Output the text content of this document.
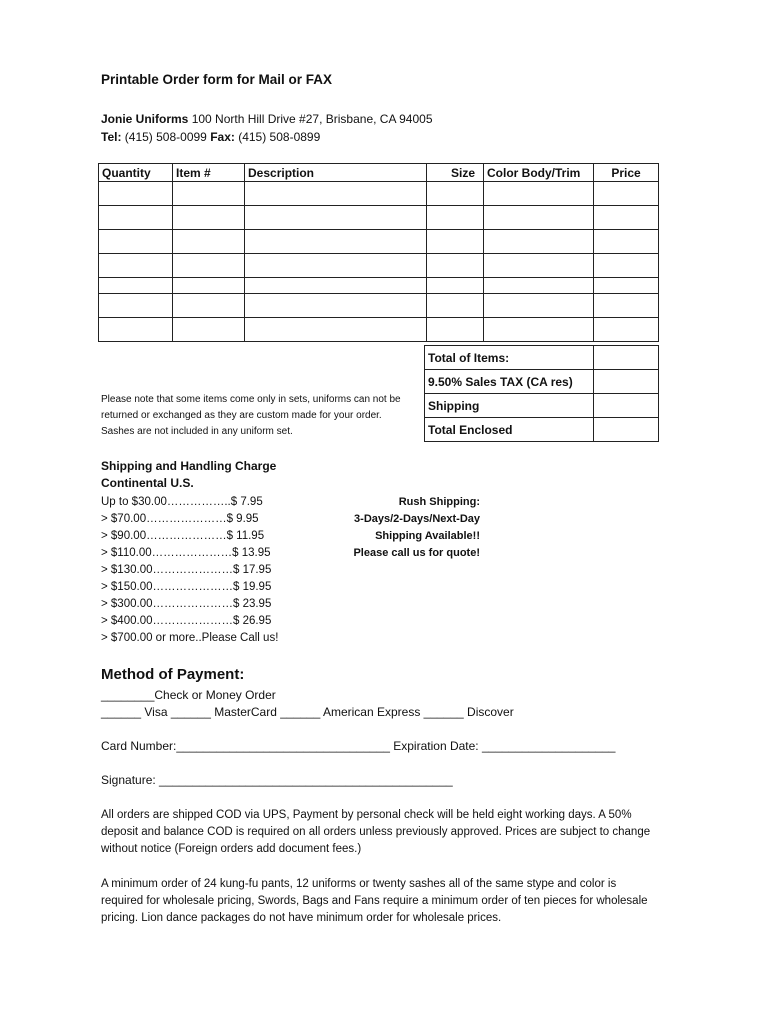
Printable Order form for Mail or FAX
Jonie Uniforms 100 North Hill Drive #27, Brisbane, CA 94005
Tel: (415) 508-0099 Fax: (415) 508-0899
Quantity	Item #	Description	Size	Color Body/Trim	Price

Total of Items:	
9.50% Sales TAX (CA res)	
Shipping	
Total Enclosed	
Please note that some items come only in sets, uniforms can not be
returned or exchanged as they are custom made for your order.
Sashes are not included in any uniform set.
Shipping and Handling Charge
Continental U.S.
Up to $30.00……………..$ 7.95
> $70.00…………………$ 9.95
> $90.00…………………$ 11.95
> $110.00…………………$ 13.95
> $130.00…………………$ 17.95
> $150.00…………………$ 19.95
> $300.00…………………$ 23.95
> $400.00…………………$ 26.95
> $700.00 or more..Please Call us!
Rush Shipping:
3-Days/2-Days/Next-Day
Shipping Available!!
Please call us for quote!
Method of Payment:
________Check or Money Order
______ Visa ______ MasterCard ______ American Express ______ Discover
Card Number:________________________________ Expiration Date: ____________________
Signature: ____________________________________________
All orders are shipped COD via UPS, Payment by personal check will be held eight working days. A 50% deposit and balance COD is required on all orders unless previously approved. Prices are subject to change without notice (Foreign orders add document fees.)
A minimum order of 24 kung-fu pants, 12 uniforms or twenty sashes all of the same stype and color is required for wholesale pricing, Swords, Bags and Fans require a minimum order of ten pieces for wholesale pricing. Lion dance packages do not have minimum order for wholesale prices.
